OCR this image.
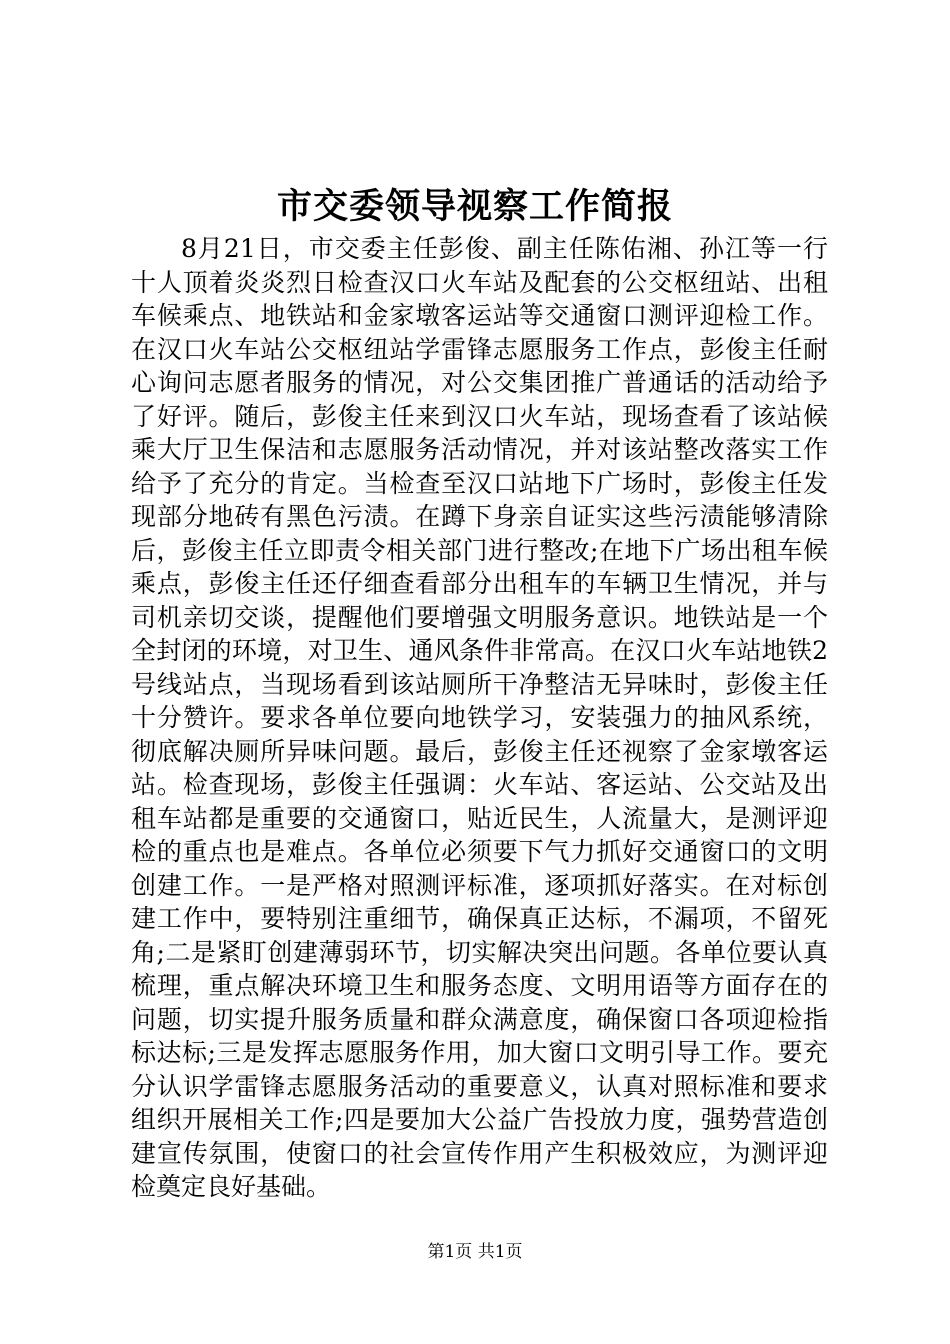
市交委领导视察工作简报

8月21日，市交委主任彭俊、副主任陈佑湘、孙江等一行十人顶着炎炎烈日检查汉口火车站及配套的公交枢纽站、出租车候乘点、地铁站和金家墩客运站等交通窗口测评迎检工作。在汉口火车站公交枢纽站学雷锋志愿服务工作点，彭俊主任耐心询问志愿者服务的情况，对公交集团推广普通话的活动给予了好评。随后，彭俊主任来到汉口火车站，现场查看了该站候乘大厅卫生保洁和志愿服务活动情况，并对该站整改落实工作给予了充分的肯定。当检查至汉口站地下广场时，彭俊主任发现部分地砖有黑色污渍。在蹲下身亲自证实这些污渍能够清除后，彭俊主任立即责令相关部门进行整改;在地下广场出租车候乘点，彭俊主任还仔细查看部分出租车的车辆卫生情况，并与司机亲切交谈，提醒他们要增强文明服务意识。地铁站是一个全封闭的环境，对卫生、通风条件非常高。在汉口火车站地铁2号线站点，当现场看到该站厕所干净整洁无异味时，彭俊主任十分赞许。要求各单位要向地铁学习，安装强力的抽风系统，彻底解决厕所异味问题。最后，彭俊主任还视察了金家墩客运站。检查现场，彭俊主任强调：火车站、客运站、公交站及出租车站都是重要的交通窗口，贴近民生，人流量大，是测评迎检的重点也是难点。各单位必须要下气力抓好交通窗口的文明创建工作。一是严格对照测评标准，逐项抓好落实。在对标创建工作中，要特别注重细节，确保真正达标，不漏项，不留死角;二是紧盯创建薄弱环节，切实解决突出问题。各单位要认真梳理，重点解决环境卫生和服务态度、文明用语等方面存在的问题，切实提升服务质量和群众满意度，确保窗口各项迎检指标达标;三是发挥志愿服务作用，加大窗口文明引导工作。要充分认识学雷锋志愿服务活动的重要意义，认真对照标准和要求组织开展相关工作;四是要加大公益广告投放力度，强势营造创建宣传氛围，使窗口的社会宣传作用产生积极效应，为测评迎检奠定良好基础。

第1页 共1页
